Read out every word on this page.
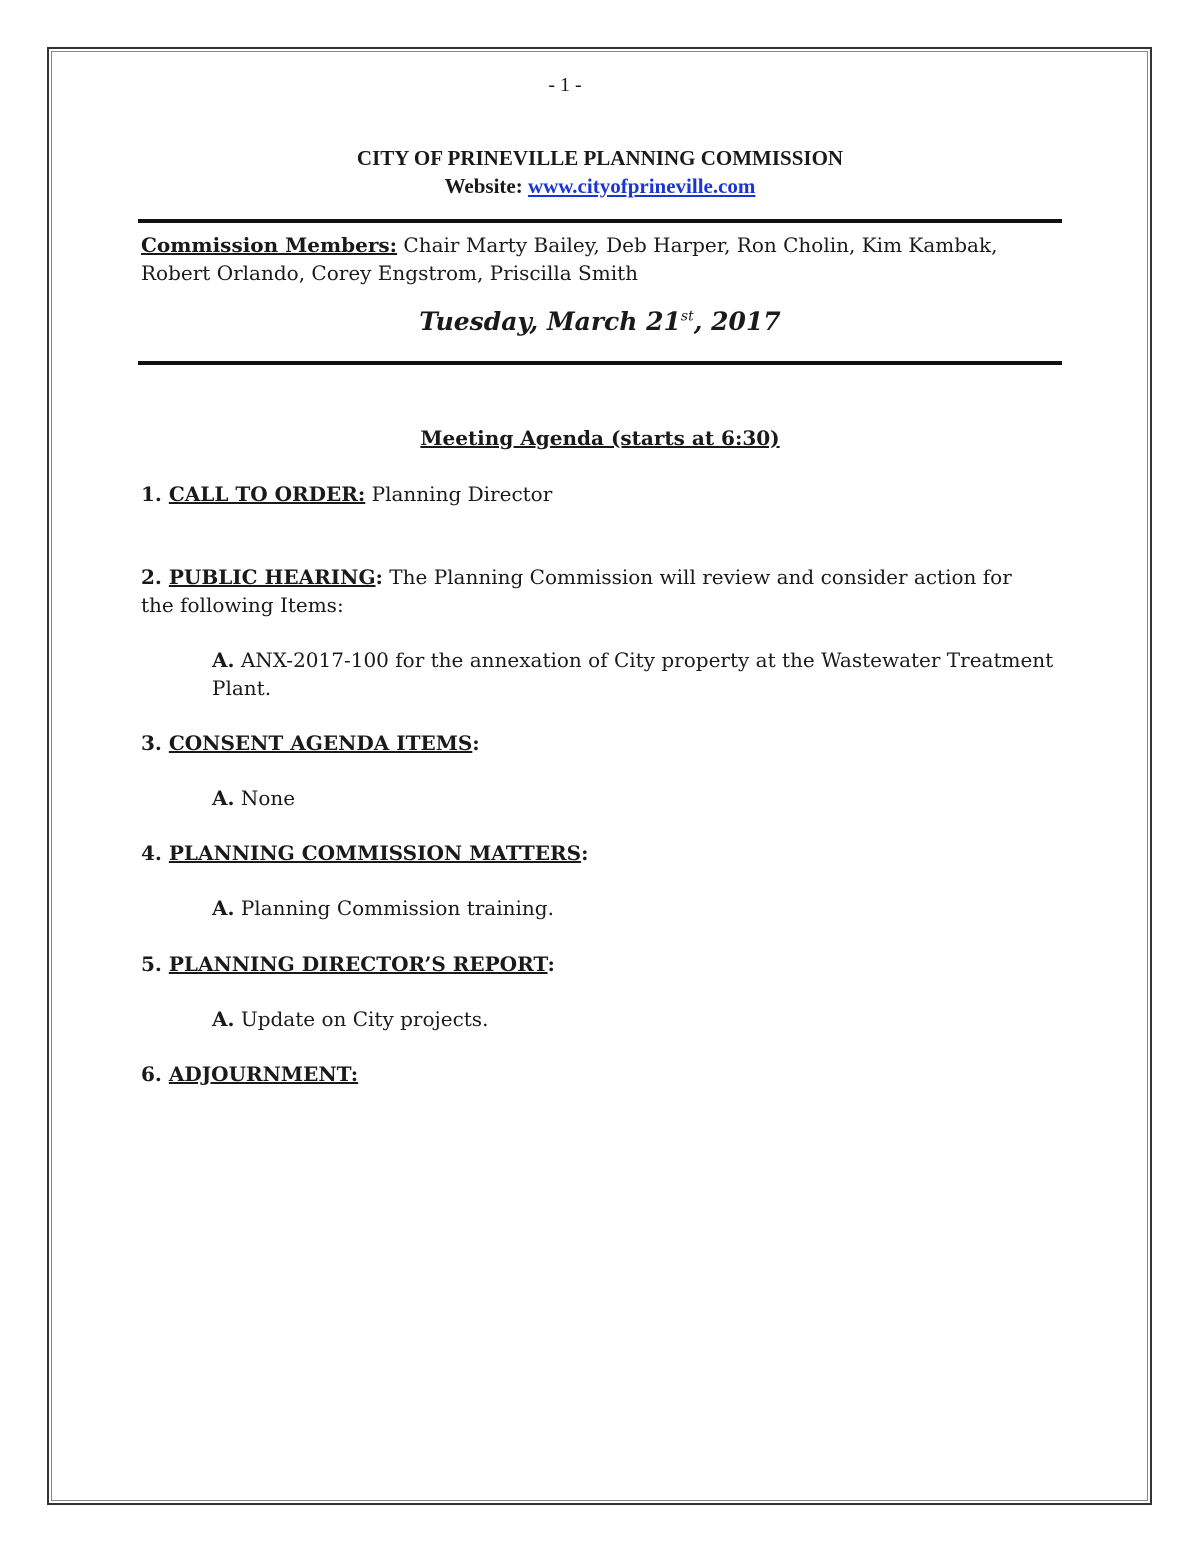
- 1 -
CITY OF PRINEVILLE PLANNING COMMISSION
Website: www.cityofprineville.com
Commission Members: Chair Marty Bailey, Deb Harper, Ron Cholin, Kim Kambak,
Robert Orlando, Corey Engstrom, Priscilla Smith
Tuesday, March 21st, 2017
Meeting Agenda (starts at 6:30)
1. CALL TO ORDER: Planning Director
2. PUBLIC HEARING: The Planning Commission will review and consider action for the following Items:
A. ANX-2017-100 for the annexation of City property at the Wastewater Treatment Plant.
3. CONSENT AGENDA ITEMS:
A. None
4. PLANNING COMMISSION MATTERS:
A. Planning Commission training.
5. PLANNING DIRECTOR’S REPORT:
A. Update on City projects.
6. ADJOURNMENT:
